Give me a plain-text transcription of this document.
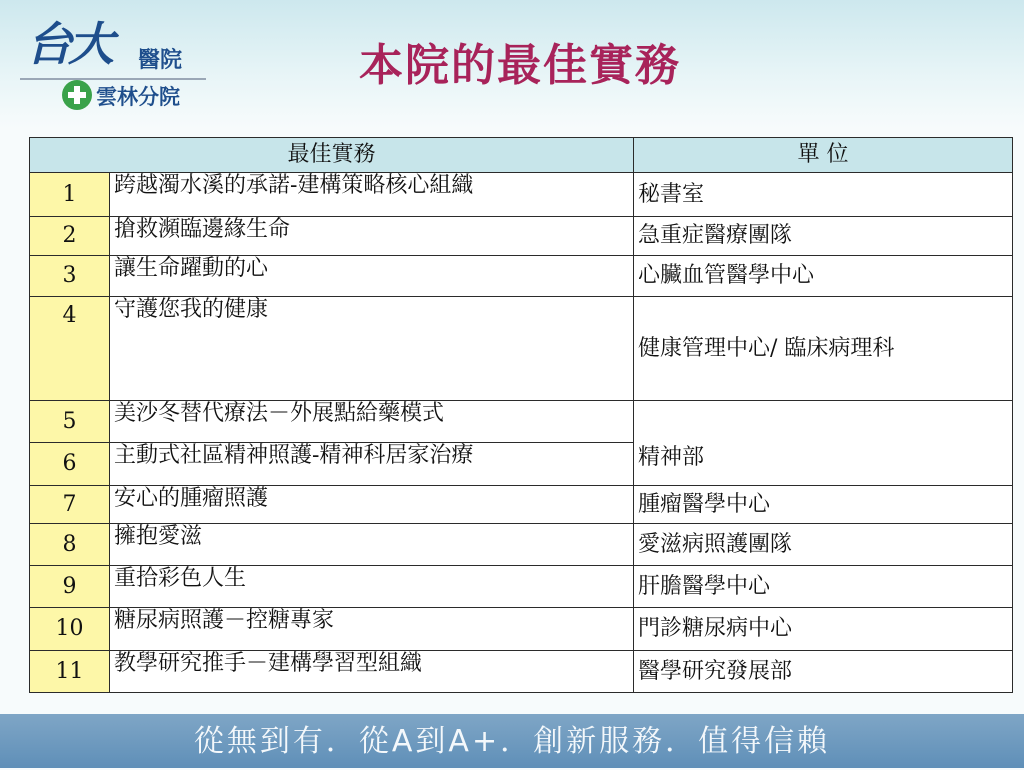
台大 醫院
雲林分院
本院的最佳實務
最佳實務		單 位
1	跨越濁水溪的承諾-建構策略核心組織	秘書室
2	搶救瀕臨邊緣生命	急重症醫療團隊
3	讓生命躍動的心	心臟血管醫學中心
4	守護您我的健康	健康管理中心/ 臨床病理科
5	美沙冬替代療法－外展點給藥模式	精神部
6	主動式社區精神照護-精神科居家治療	
7	安心的腫瘤照護	腫瘤醫學中心
8	擁抱愛滋	愛滋病照護團隊
9	重拾彩色人生	肝膽醫學中心
10	糖尿病照護－控糖專家	門診糖尿病中心
11	教學研究推手－建構學習型組織	醫學研究發展部
從無到有．從A到A+．創新服務．值得信賴
